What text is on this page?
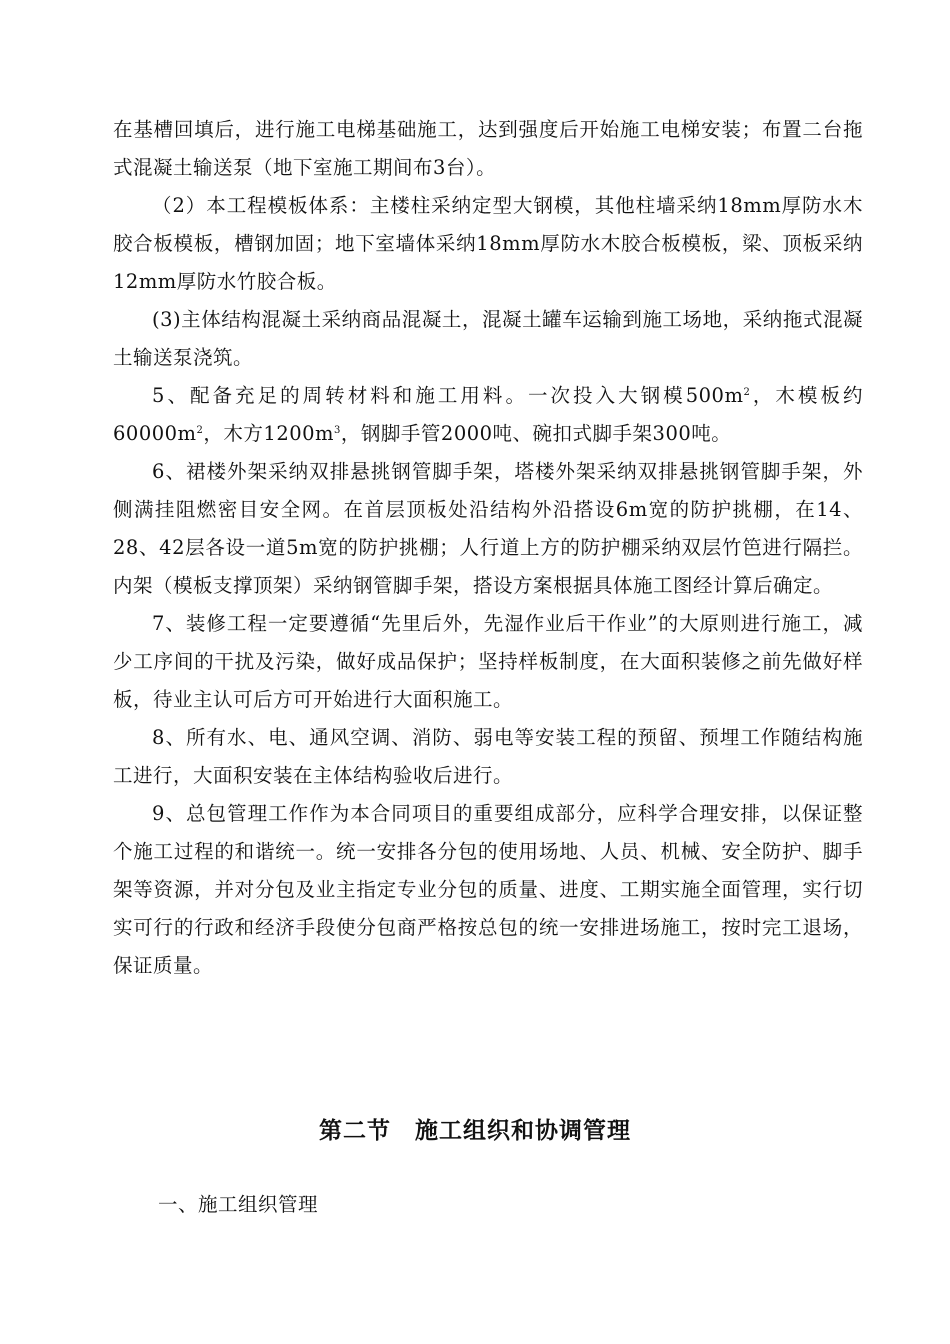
在基槽回填后，进行施工电梯基础施工，达到强度后开始施工电梯安装；布置二台拖式混凝土输送泵（地下室施工期间布3台）。

（2）本工程模板体系：主楼柱采纳定型大钢模，其他柱墙采纳18mm厚防水木胶合板模板，槽钢加固；地下室墙体采纳18mm厚防水木胶合板模板，梁、顶板采纳12mm厚防水竹胶合板。

(3)主体结构混凝土采纳商品混凝土，混凝土罐车运输到施工场地，采纳拖式混凝土输送泵浇筑。

5、配备充足的周转材料和施工用料。一次投入大钢模$500m^2$，木模板约$60000m^2$，木方$1200m^3$，钢脚手管2000吨、碗扣式脚手架300吨。

6、裙楼外架采纳双排悬挑钢管脚手架，塔楼外架采纳双排悬挑钢管脚手架，外侧满挂阻燃密目安全网。在首层顶板处沿结构外沿搭设6m宽的防护挑棚，在14、28、42层各设一道5m宽的防护挑棚；人行道上方的防护棚采纳双层竹笆进行隔拦。内架（模板支撑顶架）采纳钢管脚手架，搭设方案根据具体施工图经计算后确定。

7、装修工程一定要遵循“先里后外，先湿作业后干作业”的大原则进行施工，减少工序间的干扰及污染，做好成品保护；坚持样板制度，在大面积装修之前先做好样板，待业主认可后方可开始进行大面积施工。

8、所有水、电、通风空调、消防、弱电等安装工程的预留、预埋工作随结构施工进行，大面积安装在主体结构验收后进行。

9、总包管理工作作为本合同项目的重要组成部分，应科学合理安排，以保证整个施工过程的和谐统一。统一安排各分包的使用场地、人员、机械、安全防护、脚手架等资源，并对分包及业主指定专业分包的质量、进度、工期实施全面管理，实行切实可行的行政和经济手段使分包商严格按总包的统一安排进场施工，按时完工退场，保证质量。

第二节　施工组织和协调管理
一、施工组织管理
